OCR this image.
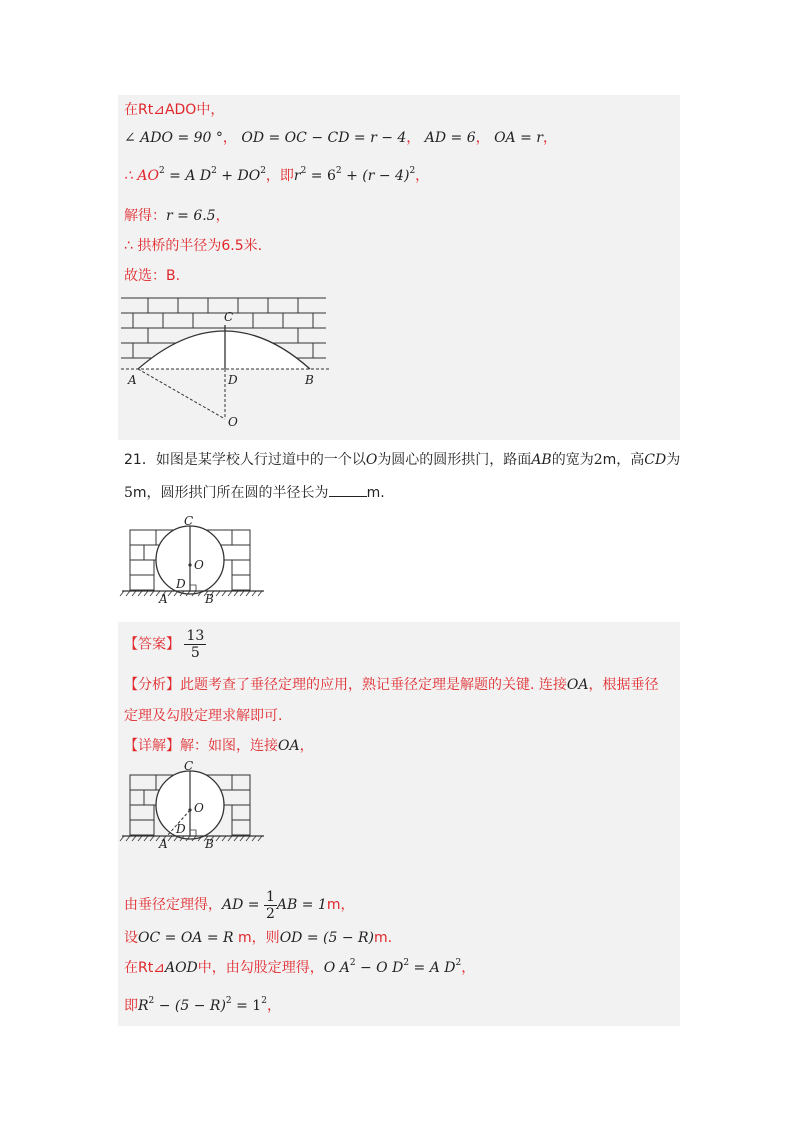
在Rt⊿ADO中，
∠ ADO = 90 °， OD = OC − CD = r − 4， AD = 6， OA = r，
∴ $AO^2 = A$ $D^2 + DO^2$，即$r^2 = 6^2 + (r - 4)^2$，
解得：r = 6.5，
∴ 拱桥的半径为6.5米.
故选：B.
C
A	D	B
O
21．如图是某学校人行过道中的一个以O为圆心的圆形拱门，路面AB的宽为2m，高CD为
5m，圆形拱门所在圆的半径长为	m.
C
O
D
A	B
【答案】 $\frac{13}{5}$
【分析】此题考查了垂径定理的应用，熟记垂径定理是解题的关键. 连接OA，根据垂径
定理及勾股定理求解即可.
【详解】解：如图，连接OA，
C
O
D
A	B
由垂径定理得，AD = $\frac{1}{2}$ AB = 1m，
设OC = OA = R m，则OD = (5 − R)m.
在Rt⊿AOD中，由勾股定理得，O $A^2 - O$ $D^2 = A$ $D^2$，
即$R^2 - (5 - R)^2 = 1^2$，
